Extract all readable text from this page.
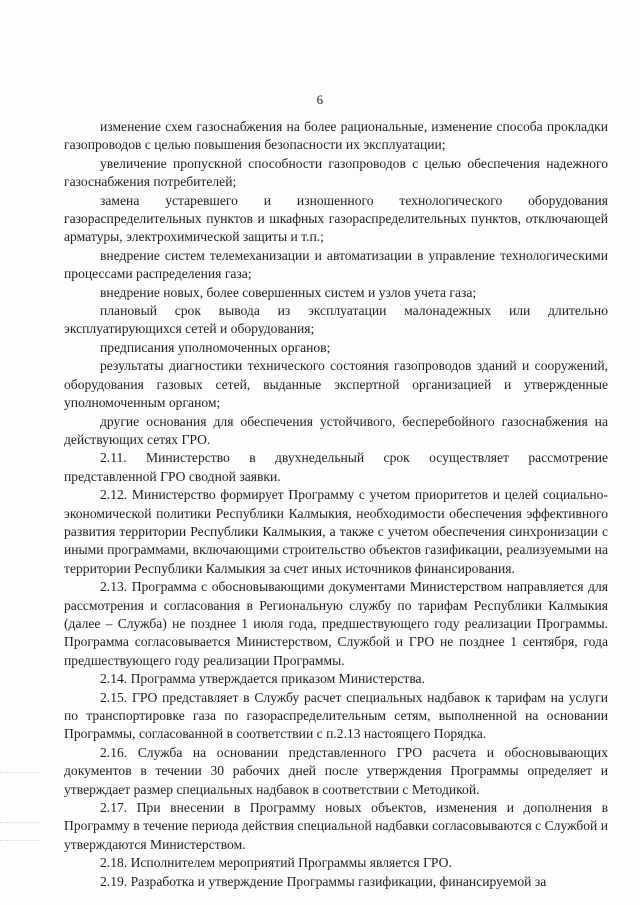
6

изменение схем газоснабжения на более рациональные, изменение способа прокладки газопроводов с целью повышения безопасности их эксплуатации;

увеличение пропускной способности газопроводов с целью обеспечения надежного газоснабжения потребителей;

замена устаревшего и изношенного технологического оборудования газораспределительных пунктов и шкафных газораспределительных пунктов, отключающей арматуры, электрохимической защиты и т.п.;

внедрение систем телемеханизации и автоматизации в управление технологическими процессами распределения газа;

внедрение новых, более совершенных систем и узлов учета газа;

плановый срок вывода из эксплуатации малонадежных или длительно эксплуатирующихся сетей и оборудования;

предписания уполномоченных органов;

результаты диагностики технического состояния газопроводов зданий и сооружений, оборудования газовых сетей, выданные экспертной организацией и утвержденные уполномоченным органом;

другие основания для обеспечения устойчивого, бесперебойного газоснабжения на действующих сетях ГРО.

2.11. Министерство в двухнедельный срок осуществляет рассмотрение представленной ГРО сводной заявки.

2.12. Министерство формирует Программу с учетом приоритетов и целей социально-экономической политики Республики Калмыкия, необходимости обеспечения эффективного развития территории Республики Калмыкия, а также с учетом обеспечения синхронизации с иными программами, включающими строительство объектов газификации, реализуемыми на территории Республики Калмыкия за счет иных источников финансирования.

2.13. Программа с обосновывающими документами Министерством направляется для рассмотрения и согласования в Региональную службу по тарифам Республики Калмыкия (далее – Служба) не позднее 1 июля года, предшествующего году реализации Программы. Программа согласовывается Министерством, Службой и ГРО не позднее 1 сентября, года предшествующего году реализации Программы.

2.14. Программа утверждается приказом Министерства.

2.15. ГРО представляет в Службу расчет специальных надбавок к тарифам на услуги по транспортировке газа по газораспределительным сетям, выполненной на основании Программы, согласованной в соответствии с п.2.13 настоящего Порядка.

2.16. Служба на основании представленного ГРО расчета и обосновывающих документов в течении 30 рабочих дней после утверждения Программы определяет и утверждает размер специальных надбавок в соответствии с Методикой.

2.17. При внесении в Программу новых объектов, изменения и дополнения в Программу в течение периода действия специальной надбавки согласовываются с Службой и утверждаются Министерством.

2.18. Исполнителем мероприятий Программы является ГРО.

2.19. Разработка и утверждение Программы газификации, финансируемой за
